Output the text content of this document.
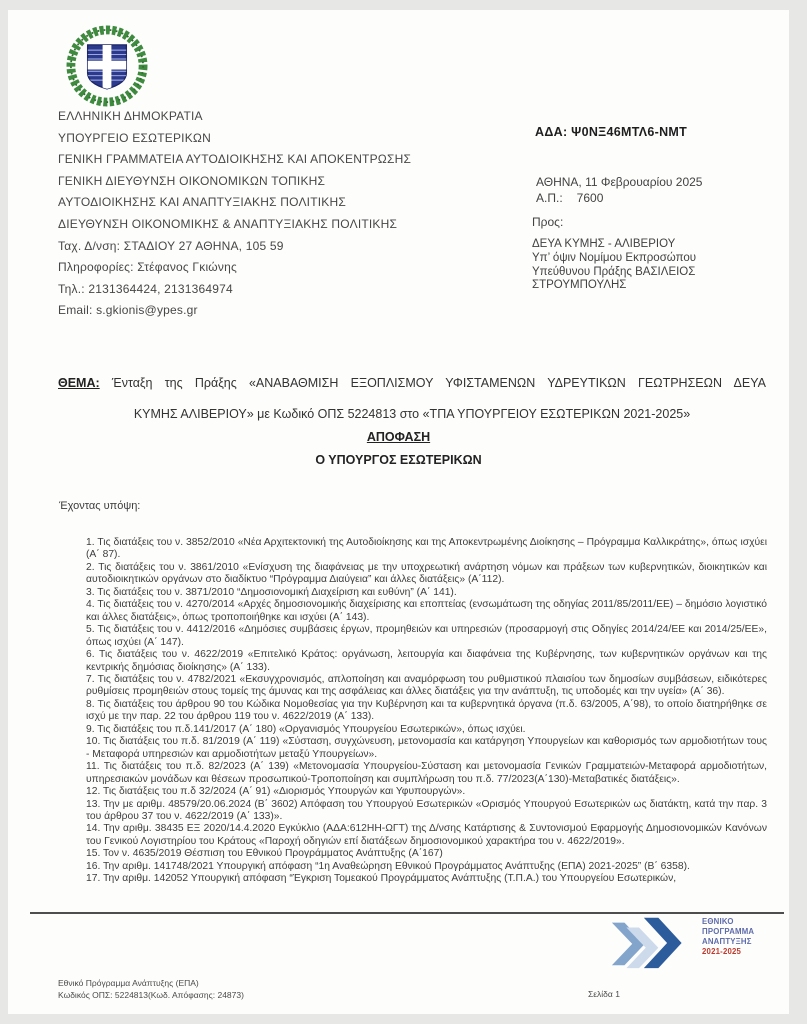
ΕΛΛΗΝΙΚΗ ΔΗΜΟΚΡΑΤΙΑ
ΥΠΟΥΡΓΕΙΟ ΕΣΩΤΕΡΙΚΩΝ
ΓΕΝΙΚΗ ΓΡΑΜΜΑΤΕΙΑ ΑΥΤΟΔΙΟΙΚΗΣΗΣ ΚΑΙ ΑΠΟΚΕΝΤΡΩΣΗΣ
ΓΕΝΙΚΗ ΔΙΕΥΘΥΝΣΗ ΟΙΚΟΝΟΜΙΚΩΝ ΤΟΠΙΚΗΣ
ΑΥΤΟΔΙΟΙΚΗΣΗΣ ΚΑΙ ΑΝΑΠΤΥΞΙΑΚΗΣ ΠΟΛΙΤΙΚΗΣ
ΔΙΕΥΘΥΝΣΗ ΟΙΚΟΝΟΜΙΚΗΣ & ΑΝΑΠΤΥΞΙΑΚΗΣ ΠΟΛΙΤΙΚΗΣ
Ταχ. Δ/νση: ΣΤΑΔΙΟΥ 27 ΑΘΗΝΑ, 105 59
Πληροφορίες: Στέφανος Γκιώνης
Τηλ.: 2131364424, 2131364974
Email: s.gkionis@ypes.gr
ΑΔΑ: Ψ0ΝΞ46ΜΤΛ6-ΝΜΤ
ΑΘΗΝΑ, 11 Φεβρουαρίου 2025
Α.Π.: 7600
Προς:
ΔΕΥΑ ΚΥΜΗΣ - ΑΛΙΒΕΡΙΟΥ
Υπ’ όψιν Νομίμου Εκπροσώπου
Υπεύθυνου Πράξης ΒΑΣΙΛΕΙΟΣ
ΣΤΡΟΥΜΠΟΥΛΗΣ
ΘΕΜΑ: Ένταξη της Πράξης «ΑΝΑΒΑΘΜΙΣΗ ΕΞΟΠΛΙΣΜΟΥ ΥΦΙΣΤΑΜΕΝΩΝ ΥΔΡΕΥΤΙΚΩΝ ΓΕΩΤΡΗΣΕΩΝ ΔΕΥΑ
ΚΥΜΗΣ ΑΛΙΒΕΡΙΟΥ» με Κωδικό ΟΠΣ 5224813 στο «ΤΠΑ ΥΠΟΥΡΓΕΙΟΥ ΕΣΩΤΕΡΙΚΩΝ 2021-2025»
ΑΠΟΦΑΣΗ
Ο ΥΠΟΥΡΓΟΣ ΕΣΩΤΕΡΙΚΩΝ
Έχοντας υπόψη:
1. Τις διατάξεις του ν. 3852/2010 «Νέα Αρχιτεκτονική της Αυτοδιοίκησης και της Αποκεντρωμένης Διοίκησης – Πρόγραμμα Καλλικράτης», όπως ισχύει (Α΄ 87).
2. Τις διατάξεις του ν. 3861/2010 «Ενίσχυση της διαφάνειας με την υποχρεωτική ανάρτηση νόμων και πράξεων των κυβερνητικών, διοικητικών και αυτοδιοικητικών οργάνων στο διαδίκτυο “Πρόγραμμα Διαύγεια” και άλλες διατάξεις» (Α΄112).
3. Τις διατάξεις του ν. 3871/2010 “Δημοσιονομική Διαχείριση και ευθύνη” (Α΄ 141).
4. Τις διατάξεις του ν. 4270/2014 «Αρχές δημοσιονομικής διαχείρισης και εποπτείας (ενσωμάτωση της οδηγίας 2011/85/2011/ΕΕ) – δημόσιο λογιστικό και άλλες διατάξεις», όπως τροποποιήθηκε και ισχύει (Α΄ 143).
5. Τις διατάξεις του ν. 4412/2016 «Δημόσιες συμβάσεις έργων, προμηθειών και υπηρεσιών (προσαρμογή στις Οδηγίες 2014/24/ΕΕ και 2014/25/ΕΕ», όπως ισχύει (Α΄ 147).
6. Τις διατάξεις του ν. 4622/2019 «Επιτελικό Κράτος: οργάνωση, λειτουργία και διαφάνεια της Κυβέρνησης, των κυβερνητικών οργάνων και της κεντρικής δημόσιας διοίκησης» (Α΄ 133).
7. Τις διατάξεις του ν. 4782/2021 «Εκσυγχρονισμός, απλοποίηση και αναμόρφωση του ρυθμιστικού πλαισίου των δημοσίων συμβάσεων, ειδικότερες ρυθμίσεις προμηθειών στους τομείς της άμυνας και της ασφάλειας και άλλες διατάξεις για την ανάπτυξη, τις υποδομές και την υγεία» (Α΄ 36).
8. Τις διατάξεις του άρθρου 90 του Κώδικα Νομοθεσίας για την Κυβέρνηση και τα κυβερνητικά όργανα (π.δ. 63/2005, Α΄98), το οποίο διατηρήθηκε σε ισχύ με την παρ. 22 του άρθρου 119 του ν. 4622/2019 (Α΄ 133).
9. Τις διατάξεις του π.δ.141/2017 (Α΄ 180) «Οργανισμός Υπουργείου Εσωτερικών», όπως ισχύει.
10. Τις διατάξεις του π.δ. 81/2019 (Α΄ 119) «Σύσταση, συγχώνευση, μετονομασία και κατάργηση Υπουργείων και καθορισμός των αρμοδιοτήτων τους - Μεταφορά υπηρεσιών και αρμοδιοτήτων μεταξύ Υπουργείων».
11. Τις διατάξεις του π.δ. 82/2023 (Α΄ 139) «Μετονομασία Υπουργείου-Σύσταση και μετονομασία Γενικών Γραμματειών-Μεταφορά αρμοδιοτήτων, υπηρεσιακών μονάδων και θέσεων προσωπικού-Τροποποίηση και συμπλήρωση του π.δ. 77/2023(Α΄130)-Μεταβατικές διατάξεις».
12. Τις διατάξεις του π.δ 32/2024 (Α΄ 91) «Διορισμός Υπουργών και Υφυπουργών».
13. Την με αριθμ. 48579/20.06.2024 (Β΄ 3602) Απόφαση του Υπουργού Εσωτερικών «Ορισμός Υπουργού Εσωτερικών ως διατάκτη, κατά την παρ. 3 του άρθρου 37 του ν. 4622/2019 (Α΄ 133)».
14. Την αριθμ. 38435 ΕΞ 2020/14.4.2020 Εγκύκλιο (ΑΔΑ:612ΗΗ-ΩΓΤ) της Δ/νσης Κατάρτισης & Συντονισμού Εφαρμογής Δημοσιονομικών Κανόνων του Γενικού Λογιστηρίου του Κράτους «Παροχή οδηγιών επί διατάξεων δημοσιονομικού χαρακτήρα του ν. 4622/2019».
15. Τον ν. 4635/2019 Θέσπιση του Εθνικού Προγράμματος Ανάπτυξης (Α΄167)
16. Την αριθμ. 141748/2021 Υπουργική απόφαση “1η Αναθεώρηση Εθνικού Προγράμματος Ανάπτυξης (ΕΠΑ) 2021-2025” (Β΄ 6358).
17. Την αριθμ. 142052 Υπουργική απόφαση “Έγκριση Τομεακού Προγράμματος Ανάπτυξης (Τ.Π.Α.) του Υπουργείου Εσωτερικών,
ΕΘΝΙΚΟ
ΠΡΟΓΡΑΜΜΑ
ΑΝΑΠΤΥΞΗΣ
2021-2025
Εθνικό Πρόγραμμα Ανάπτυξης (ΕΠΑ)
Κωδικός ΟΠΣ: 5224813(Κωδ. Απόφασης: 24873)	Σελίδα 1
